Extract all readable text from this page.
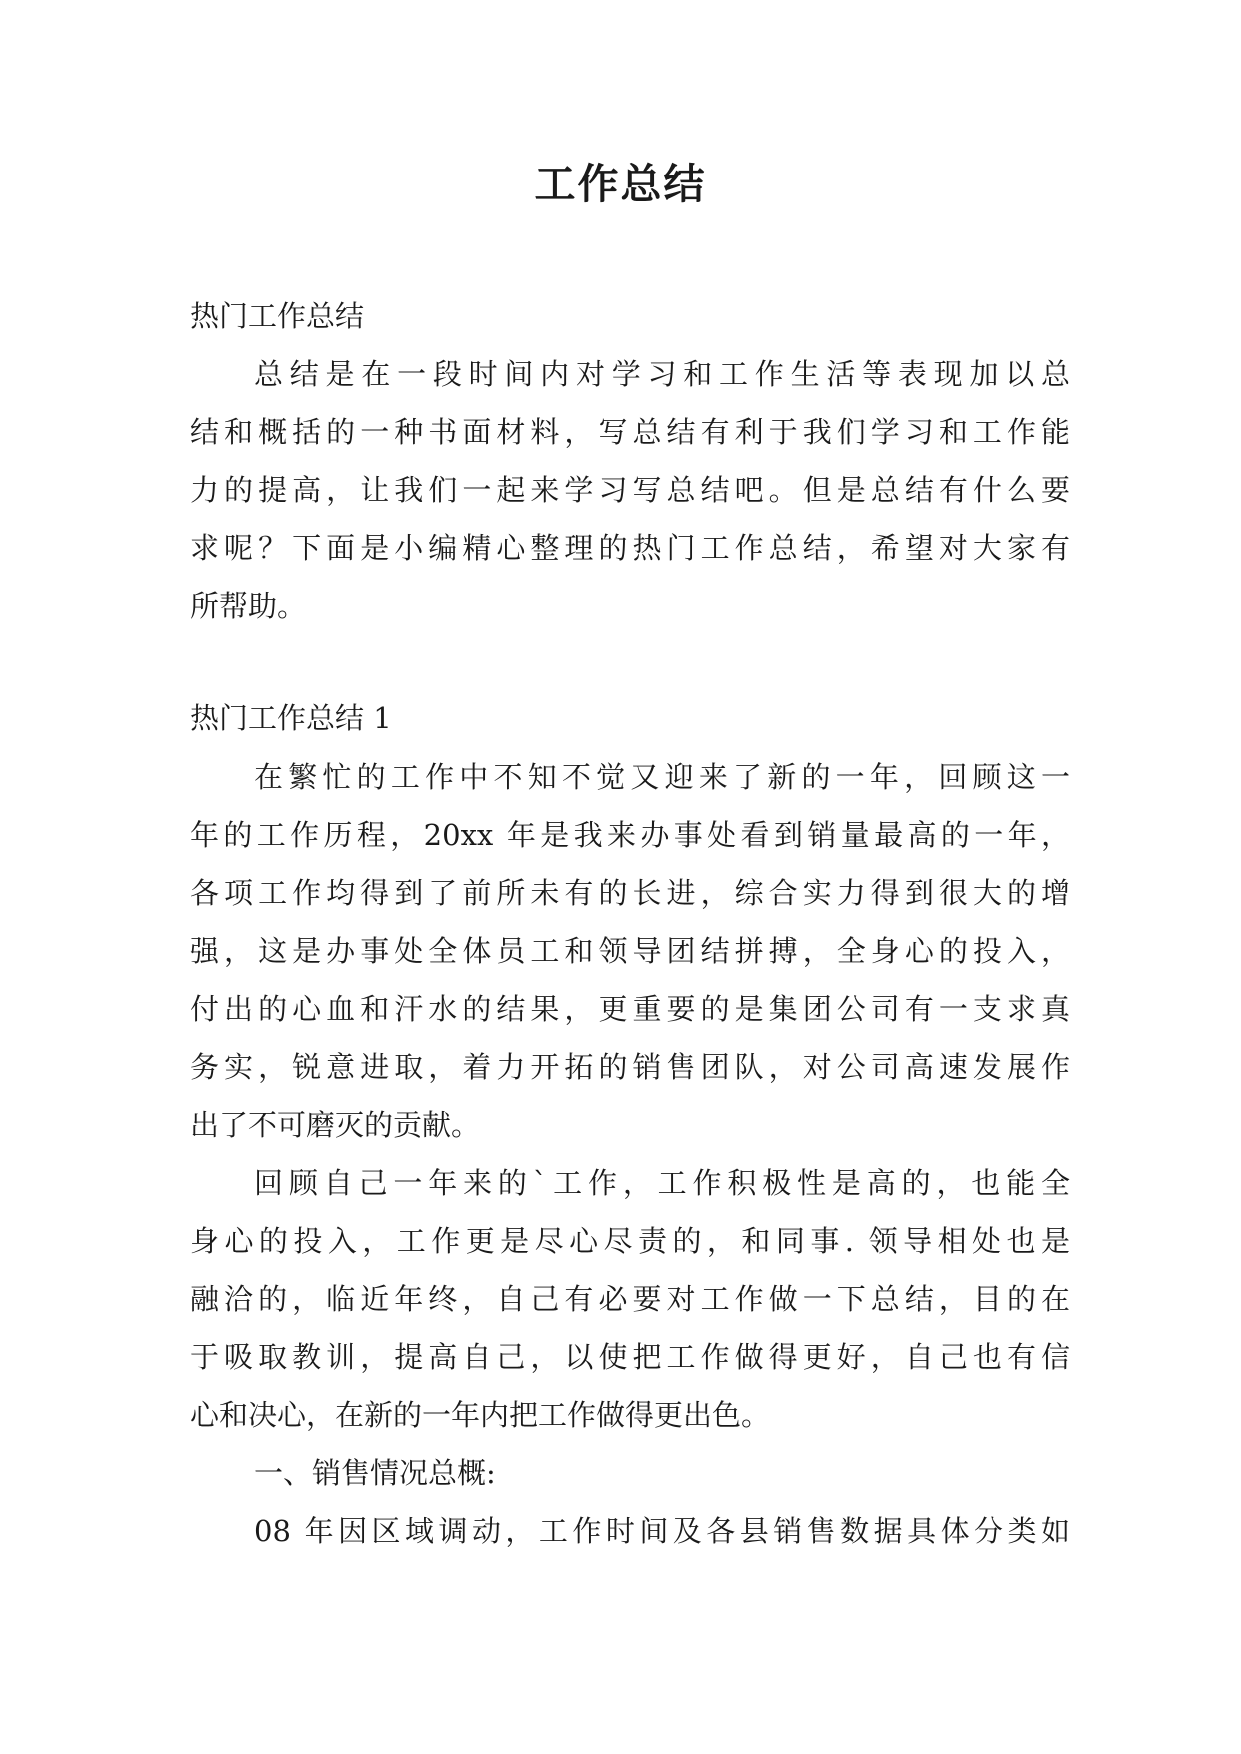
工作总结
热门工作总结
总结是在一段时间内对学习和工作生活等表现加以总
结和概括的一种书面材料，写总结有利于我们学习和工作能
力的提高，让我们一起来学习写总结吧。但是总结有什么要
求呢？下面是小编精心整理的热门工作总结，希望对大家有
所帮助。
热门工作总结 1
在繁忙的工作中不知不觉又迎来了新的一年，回顾这一
年的工作历程，20xx 年是我来办事处看到销量最高的一年，
各项工作均得到了前所未有的长进，综合实力得到很大的增
强，这是办事处全体员工和领导团结拼搏，全身心的投入，
付出的心血和汗水的结果，更重要的是集团公司有一支求真
务实，锐意进取，着力开拓的销售团队，对公司高速发展作
出了不可磨灭的贡献。
回顾自己一年来的`工作，工作积极性是高的，也能全
身心的投入，工作更是尽心尽责的，和同事. 领导相处也是
融洽的，临近年终，自己有必要对工作做一下总结，目的在
于吸取教训，提高自己，以使把工作做得更好，自己也有信
心和决心，在新的一年内把工作做得更出色。
一、销售情况总概:
08 年因区域调动，工作时间及各县销售数据具体分类如
